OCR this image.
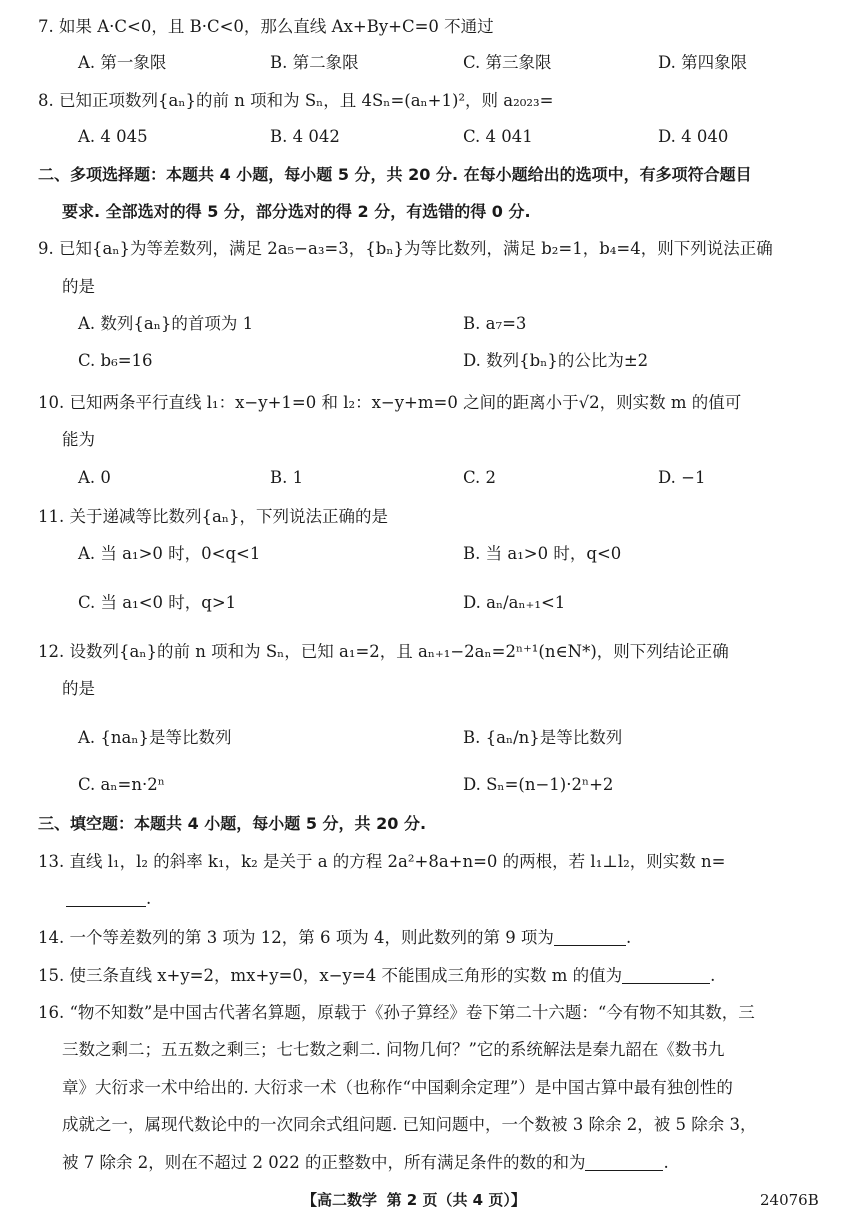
7. 如果 A·C<0，且 B·C<0，那么直线 Ax+By+C=0 不通过
A. 第一象限	B. 第二象限	C. 第三象限	D. 第四象限
8. 已知正项数列{aₙ}的前 n 项和为 Sₙ，且 4Sₙ=(aₙ+1)²，则 a₂₀₂₃=
A. 4 045	B. 4 042	C. 4 041	D. 4 040
二、多项选择题：本题共 4 小题，每小题 5 分，共 20 分. 在每小题给出的选项中，有多项符合题目
要求. 全部选对的得 5 分，部分选对的得 2 分，有选错的得 0 分.
9. 已知{aₙ}为等差数列，满足 2a₅−a₃=3，{bₙ}为等比数列，满足 b₂=1，b₄=4，则下列说法正确
的是
A. 数列{aₙ}的首项为 1	B. a₇=3
C. b₆=16	D. 数列{bₙ}的公比为±2
10. 已知两条平行直线 l₁：x−y+1=0 和 l₂：x−y+m=0 之间的距离小于√2，则实数 m 的值可
能为
A. 0	B. 1	C. 2	D. −1
11. 关于递减等比数列{aₙ}，下列说法正确的是
A. 当 a₁>0 时，0<q<1	B. 当 a₁>0 时，q<0
C. 当 a₁<0 时，q>1	D. aₙ/aₙ₊₁<1
12. 设数列{aₙ}的前 n 项和为 Sₙ，已知 a₁=2，且 aₙ₊₁−2aₙ=2ⁿ⁺¹(n∈N*)，则下列结论正确
的是
A. {naₙ}是等比数列	B. {aₙ/n}是等比数列
C. aₙ=n·2ⁿ	D. Sₙ=(n−1)·2ⁿ+2
三、填空题：本题共 4 小题，每小题 5 分，共 20 分.
13. 直线 l₁，l₂ 的斜率 k₁，k₂ 是关于 a 的方程 2a²+8a+n=0 的两根，若 l₁⊥l₂，则实数 n=
.
14. 一个等差数列的第 3 项为 12，第 6 项为 4，则此数列的第 9 项为	.
15. 使三条直线 x+y=2，mx+y=0，x−y=4 不能围成三角形的实数 m 的值为	.
16. “物不知数”是中国古代著名算题，原载于《孙子算经》卷下第二十六题：“今有物不知其数，三
三数之剩二；五五数之剩三；七七数之剩二. 问物几何？”它的系统解法是秦九韶在《数书九
章》大衍求一术中给出的. 大衍求一术（也称作“中国剩余定理”）是中国古算中最有独创性的
成就之一，属现代数论中的一次同余式组问题. 已知问题中，一个数被 3 除余 2，被 5 除余 3，
被 7 除余 2，则在不超过 2 022 的正整数中，所有满足条件的数的和为	.
【高二数学 第 2 页（共 4 页）】	24076B
